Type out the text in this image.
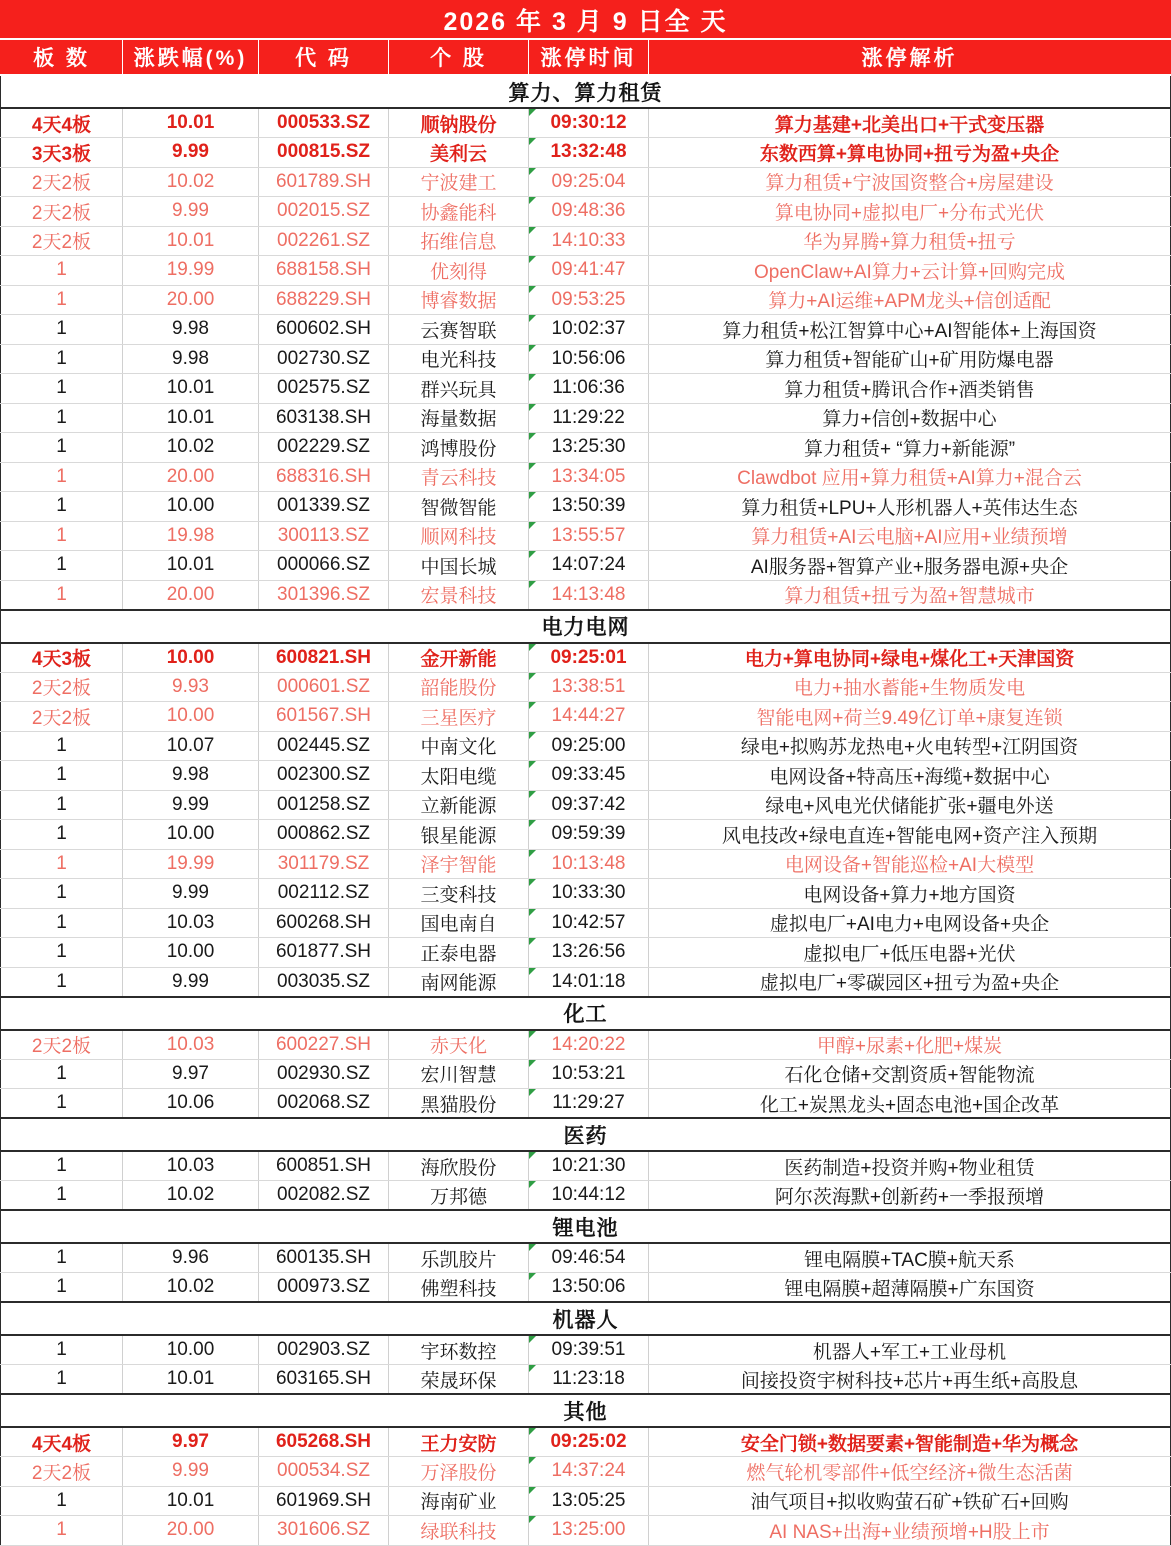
2026 年 3 月 9 日全 天					
板 数	涨跌幅(%)	代 码	个 股	涨停时间	涨停解析
算力、算力租赁					
4天4板	10.01	000533.SZ	顺钠股份	09:30:12	算力基建+北美出口+干式变压器
3天3板	9.99	000815.SZ	美利云	13:32:48	东数西算+算电协同+扭亏为盈+央企
2天2板	10.02	601789.SH	宁波建工	09:25:04	算力租赁+宁波国资整合+房屋建设
2天2板	9.99	002015.SZ	协鑫能科	09:48:36	算电协同+虚拟电厂+分布式光伏
2天2板	10.01	002261.SZ	拓维信息	14:10:33	华为昇腾+算力租赁+扭亏
1	19.99	688158.SH	优刻得	09:41:47	OpenClaw+AI算力+云计算+回购完成
1	20.00	688229.SH	博睿数据	09:53:25	算力+AI运维+APM龙头+信创适配
1	9.98	600602.SH	云赛智联	10:02:37	算力租赁+松江智算中心+AI智能体+上海国资
1	9.98	002730.SZ	电光科技	10:56:06	算力租赁+智能矿山+矿用防爆电器
1	10.01	002575.SZ	群兴玩具	11:06:36	算力租赁+腾讯合作+酒类销售
1	10.01	603138.SH	海量数据	11:29:22	算力+信创+数据中心
1	10.02	002229.SZ	鸿博股份	13:25:30	算力租赁+ “算力+新能源”
1	20.00	688316.SH	青云科技	13:34:05	Clawdbot 应用+算力租赁+AI算力+混合云
1	10.00	001339.SZ	智微智能	13:50:39	算力租赁+LPU+人形机器人+英伟达生态
1	19.98	300113.SZ	顺网科技	13:55:57	算力租赁+AI云电脑+AI应用+业绩预增
1	10.01	000066.SZ	中国长城	14:07:24	AI服务器+智算产业+服务器电源+央企
1	20.00	301396.SZ	宏景科技	14:13:48	算力租赁+扭亏为盈+智慧城市
电力电网					
4天3板	10.00	600821.SH	金开新能	09:25:01	电力+算电协同+绿电+煤化工+天津国资
2天2板	9.93	000601.SZ	韶能股份	13:38:51	电力+抽水蓄能+生物质发电
2天2板	10.00	601567.SH	三星医疗	14:44:27	智能电网+荷兰9.49亿订单+康复连锁
1	10.07	002445.SZ	中南文化	09:25:00	绿电+拟购苏龙热电+火电转型+江阴国资
1	9.98	002300.SZ	太阳电缆	09:33:45	电网设备+特高压+海缆+数据中心
1	9.99	001258.SZ	立新能源	09:37:42	绿电+风电光伏储能扩张+疆电外送
1	10.00	000862.SZ	银星能源	09:59:39	风电技改+绿电直连+智能电网+资产注入预期
1	19.99	301179.SZ	泽宇智能	10:13:48	电网设备+智能巡检+AI大模型
1	9.99	002112.SZ	三变科技	10:33:30	电网设备+算力+地方国资
1	10.03	600268.SH	国电南自	10:42:57	虚拟电厂+AI电力+电网设备+央企
1	10.00	601877.SH	正泰电器	13:26:56	虚拟电厂+低压电器+光伏
1	9.99	003035.SZ	南网能源	14:01:18	虚拟电厂+零碳园区+扭亏为盈+央企
化工					
2天2板	10.03	600227.SH	赤天化	14:20:22	甲醇+尿素+化肥+煤炭
1	9.97	002930.SZ	宏川智慧	10:53:21	石化仓储+交割资质+智能物流
1	10.06	002068.SZ	黑猫股份	11:29:27	化工+炭黑龙头+固态电池+国企改革
医药					
1	10.03	600851.SH	海欣股份	10:21:30	医药制造+投资并购+物业租赁
1	10.02	002082.SZ	万邦德	10:44:12	阿尔茨海默+创新药+一季报预增
锂电池					
1	9.96	600135.SH	乐凯胶片	09:46:54	锂电隔膜+TAC膜+航天系
1	10.02	000973.SZ	佛塑科技	13:50:06	锂电隔膜+超薄隔膜+广东国资
机器人					
1	10.00	002903.SZ	宇环数控	09:39:51	机器人+军工+工业母机
1	10.01	603165.SH	荣晟环保	11:23:18	间接投资宇树科技+芯片+再生纸+高股息
其他					
4天4板	9.97	605268.SH	王力安防	09:25:02	安全门锁+数据要素+智能制造+华为概念
2天2板	9.99	000534.SZ	万泽股份	14:37:24	燃气轮机零部件+低空经济+微生态活菌
1	10.01	601969.SH	海南矿业	13:05:25	油气项目+拟收购萤石矿+铁矿石+回购
1	20.00	301606.SZ	绿联科技	13:25:00	AI NAS+出海+业绩预增+H股上市
